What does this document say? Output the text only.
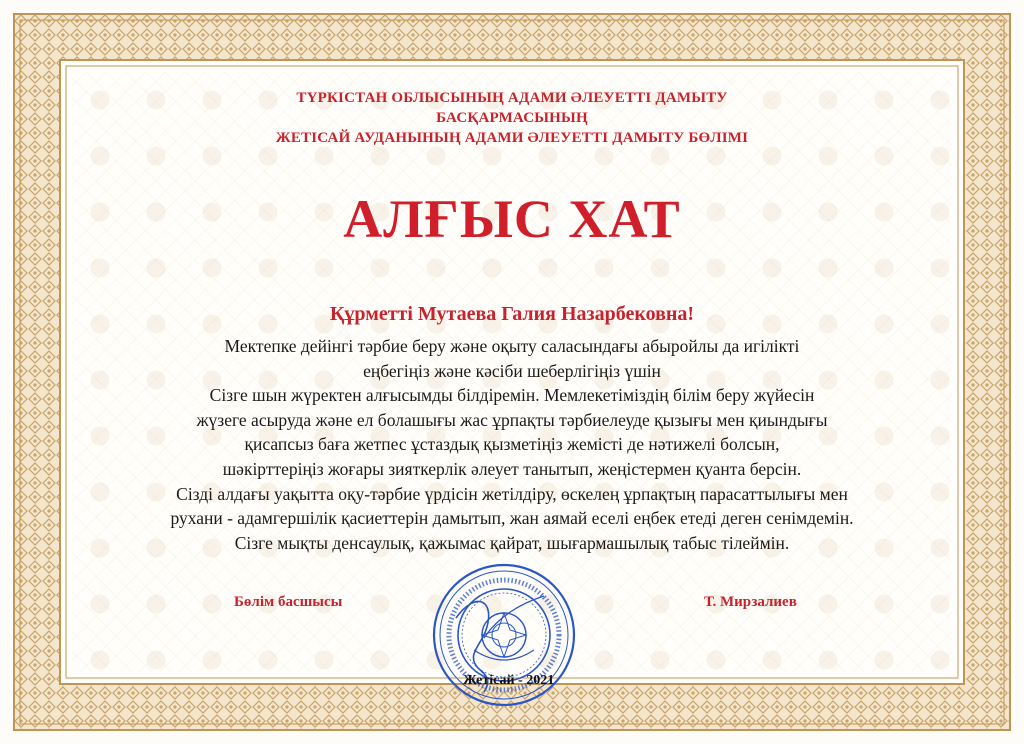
ТҮРКІСТАН ОБЛЫСЫНЫҢ АДАМИ ӘЛЕУЕТТІ ДАМЫТУ
БАСҚАРМАСЫНЫҢ
ЖЕТІСАЙ АУДАНЫНЫҢ АДАМИ ӘЛЕУЕТТІ ДАМЫТУ БӨЛІМІ
АЛҒЫС ХАТ
Құрметті Мутаева Галия Назарбековна!
Мектепке дейінгі тәрбие беру және оқыту саласындағы абыройлы да игілікті
еңбегіңіз және кәсіби шеберлігіңіз үшін
Сізге шын жүректен алғысымды білдіремін. Мемлекетіміздің білім беру жүйесін
жүзеге асыруда және ел болашығы жас ұрпақты тәрбиелеуде қызығы мен қиындығы
қисапсыз баға жетпес ұстаздық қызметіңіз жемісті де нәтижелі болсын,
шәкірттеріңіз жоғары зияткерлік әлеует танытып, жеңістермен қуанта берсін.
Сізді алдағы уақытта оқу-тәрбие үрдісін жетілдіру, өскелең ұрпақтың парасаттылығы мен
рухани - адамгершілік қасиеттерін дамытып, жан аямай еселі еңбек етеді деген сенімдемін.
Сізге мықты денсаулық, қажымас қайрат, шығармашылық табыс тілеймін.
Бөлім басшысы	Т. Мирзалиев
Жетісай - 2021
